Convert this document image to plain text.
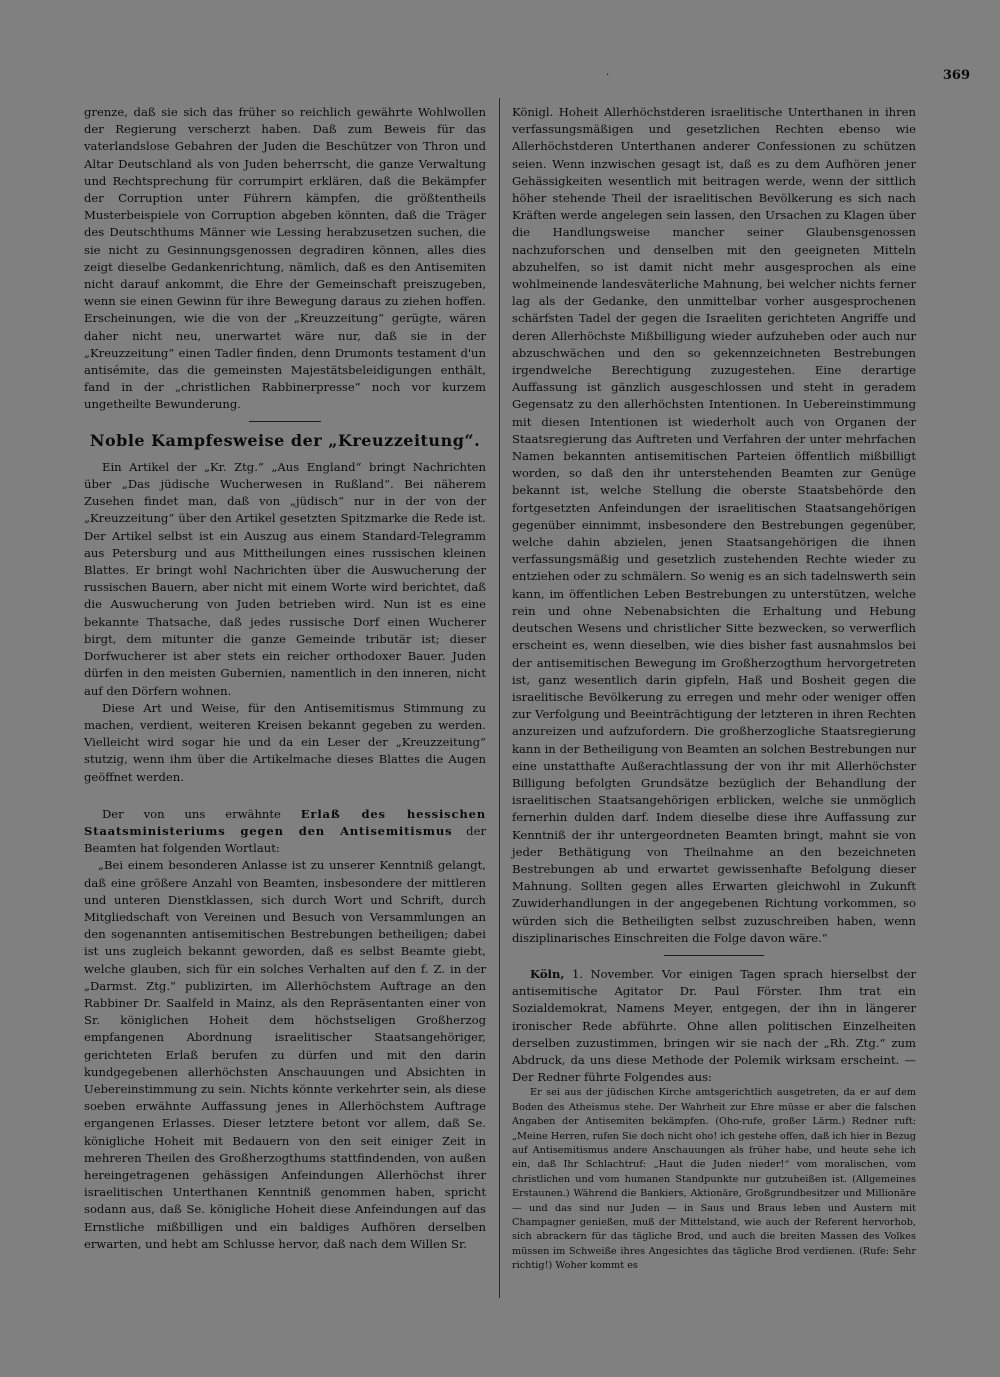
·	369

grenze, daß sie sich das früher so reichlich gewährte Wohlwollen der Regierung verscherzt haben. Daß zum Beweis für das vaterlandslose Gebahren der Juden die Beschützer von Thron und Altar Deutschland als von Juden beherrscht, die ganze Verwaltung und Rechtsprechung für corrumpirt erklären, daß die Bekämpfer der Corruption unter Führern kämpfen, die größtentheils Musterbeispiele von Corruption abgeben könnten, daß die Träger des Deutschthums Männer wie Lessing herabzusetzen suchen, die sie nicht zu Gesinnungsgenossen degradiren können, alles dies zeigt dieselbe Gedankenrichtung, nämlich, daß es den Antisemiten nicht darauf ankommt, die Ehre der Gemeinschaft preiszugeben, wenn sie einen Gewinn für ihre Bewegung daraus zu ziehen hoffen. Erscheinungen, wie die von der „Kreuzzeitung“ gerügte, wären daher nicht neu, unerwartet wäre nur, daß sie in der „Kreuzzeitung“ einen Tadler finden, denn Drumonts testament d'un antisémite, das die gemeinsten Majestätsbeleidigungen enthält, fand in der „christlichen Rabbinerpresse“ noch vor kurzem ungetheilte Bewunderung.

Noble Kampfesweise der „Kreuzzeitung“.

Ein Artikel der „Kr. Ztg.“ „Aus England“ bringt Nachrichten über „Das jüdische Wucherwesen in Rußland“. Bei näherem Zusehen findet man, daß von „jüdisch“ nur in der von der „Kreuzzeitung“ über den Artikel gesetzten Spitzmarke die Rede ist. Der Artikel selbst ist ein Auszug aus einem Standard-Telegramm aus Petersburg und aus Mittheilungen eines russischen kleinen Blattes. Er bringt wohl Nachrichten über die Auswucherung der russischen Bauern, aber nicht mit einem Worte wird berichtet, daß die Auswucherung von Juden betrieben wird. Nun ist es eine bekannte Thatsache, daß jedes russische Dorf einen Wucherer birgt, dem mitunter die ganze Gemeinde tributär ist; dieser Dorfwucherer ist aber stets ein reicher orthodoxer Bauer. Juden dürfen in den meisten Gubernien, namentlich in den inneren, nicht auf den Dörfern wohnen.

Diese Art und Weise, für den Antisemitismus Stimmung zu machen, verdient, weiteren Kreisen bekannt gegeben zu werden. Vielleicht wird sogar hie und da ein Leser der „Kreuzzeitung“ stutzig, wenn ihm über die Artikelmache dieses Blattes die Augen geöffnet werden.

Der von uns erwähnte Erlaß des hessischen Staatsministeriums gegen den Antisemitismus der Beamten hat folgenden Wortlaut:

„Bei einem besonderen Anlasse ist zu unserer Kenntniß gelangt, daß eine größere Anzahl von Beamten, insbesondere der mittleren und unteren Dienstklassen, sich durch Wort und Schrift, durch Mitgliedschaft von Vereinen und Besuch von Versammlungen an den sogenannten antisemitischen Bestrebungen betheiligen; dabei ist uns zugleich bekannt geworden, daß es selbst Beamte giebt, welche glauben, sich für ein solches Verhalten auf den f. Z. in der „Darmst. Ztg.“ publizirten, im Allerhöchstem Auftrage an den Rabbiner Dr. Saalfeld in Mainz, als den Repräsentanten einer von Sr. königlichen Hoheit dem höchstseligen Großherzog empfangenen Abordnung israelitischer Staatsangehöriger, gerichteten Erlaß berufen zu dürfen und mit den darin kundgegebenen allerhöchsten Anschauungen und Absichten in Uebereinstimmung zu sein. Nichts könnte verkehrter sein, als diese soeben erwähnte Auffassung jenes in Allerhöchstem Auftrage ergangenen Erlasses. Dieser letztere betont vor allem, daß Se. königliche Hoheit mit Bedauern von den seit einiger Zeit in mehreren Theilen des Großherzogthums stattfindenden, von außen hereingetragenen gehässigen Anfeindungen Allerhöchst ihrer israelitischen Unterthanen Kenntniß genommen haben, spricht sodann aus, daß Se. königliche Hoheit diese Anfeindungen auf das Ernstliche mißbilligen und ein baldiges Aufhören derselben erwarten, und hebt am Schlusse hervor, daß nach dem Willen Sr.

Königl. Hoheit Allerhöchstderen israelitische Unterthanen in ihren verfassungsmäßigen und gesetzlichen Rechten ebenso wie Allerhöchstderen Unterthanen anderer Confessionen zu schützen seien. Wenn inzwischen gesagt ist, daß es zu dem Aufhören jener Gehässigkeiten wesentlich mit beitragen werde, wenn der sittlich höher stehende Theil der israelitischen Bevölkerung es sich nach Kräften werde angelegen sein lassen, den Ursachen zu Klagen über die Handlungsweise mancher seiner Glaubensgenossen nachzuforschen und denselben mit den geeigneten Mitteln abzuhelfen, so ist damit nicht mehr ausgesprochen als eine wohlmeinende landesväterliche Mahnung, bei welcher nichts ferner lag als der Gedanke, den unmittelbar vorher ausgesprochenen schärfsten Tadel der gegen die Israeliten gerichteten Angriffe und deren Allerhöchste Mißbilligung wieder aufzuheben oder auch nur abzuschwächen und den so gekennzeichneten Bestrebungen irgendwelche Berechtigung zuzugestehen. Eine derartige Auffassung ist gänzlich ausgeschlossen und steht in geradem Gegensatz zu den allerhöchsten Intentionen. In Uebereinstimmung mit diesen Intentionen ist wiederholt auch von Organen der Staatsregierung das Auftreten und Verfahren der unter mehrfachen Namen bekannten antisemitischen Parteien öffentlich mißbilligt worden, so daß den ihr unterstehenden Beamten zur Genüge bekannt ist, welche Stellung die oberste Staatsbehörde den fortgesetzten Anfeindungen der israelitischen Staatsangehörigen gegenüber einnimmt, insbesondere den Bestrebungen gegenüber, welche dahin abzielen, jenen Staatsangehörigen die ihnen verfassungsmäßig und gesetzlich zustehenden Rechte wieder zu entziehen oder zu schmälern. So wenig es an sich tadelnswerth sein kann, im öffentlichen Leben Bestrebungen zu unterstützen, welche rein und ohne Nebenabsichten die Erhaltung und Hebung deutschen Wesens und christlicher Sitte bezwecken, so verwerflich erscheint es, wenn dieselben, wie dies bisher fast ausnahmslos bei der antisemitischen Bewegung im Großherzogthum hervorgetreten ist, ganz wesentlich darin gipfeln, Haß und Bosheit gegen die israelitische Bevölkerung zu erregen und mehr oder weniger offen zur Verfolgung und Beeinträchtigung der letzteren in ihren Rechten anzureizen und aufzufordern. Die großherzogliche Staatsregierung kann in der Betheiligung von Beamten an solchen Bestrebungen nur eine unstatthafte Außerachtlassung der von ihr mit Allerhöchster Billigung befolgten Grundsätze bezüglich der Behandlung der israelitischen Staatsangehörigen erblicken, welche sie unmöglich fernerhin dulden darf. Indem dieselbe diese ihre Auffassung zur Kenntniß der ihr untergeordneten Beamten bringt, mahnt sie von jeder Bethätigung von Theilnahme an den bezeichneten Bestrebungen ab und erwartet gewissenhafte Befolgung dieser Mahnung. Sollten gegen alles Erwarten gleichwohl in Zukunft Zuwiderhandlungen in der angegebenen Richtung vorkommen, so würden sich die Betheiligten selbst zuzuschreiben haben, wenn disziplinarisches Einschreiten die Folge davon wäre.“

Köln, 1. November. Vor einigen Tagen sprach hierselbst der antisemitische Agitator Dr. Paul Förster. Ihm trat ein Sozialdemokrat, Namens Meyer, entgegen, der ihn in längerer ironischer Rede abführte. Ohne allen politischen Einzelheiten derselben zuzustimmen, bringen wir sie nach der „Rh. Ztg.“ zum Abdruck, da uns diese Methode der Polemik wirksam erscheint. — Der Redner führte Folgendes aus:

Er sei aus der jüdischen Kirche amtsgerichtlich ausgetreten, da er auf dem Boden des Atheismus stehe. Der Wahrheit zur Ehre müsse er aber die falschen Angaben der Antisemiten bekämpfen. (Oho-rufe, großer Lärm.) Redner ruft: „Meine Herren, rufen Sie doch nicht oho! ich gestehe offen, daß ich hier in Bezug auf Antisemitismus andere Anschauungen als früher habe, und heute sehe ich ein, daß Ihr Schlachtruf: „Haut die Juden nieder!“ vom moralischen, vom christlichen und vom humanen Standpunkte nur gutzuheißen ist. (Allgemeines Erstaunen.) Während die Bankiers, Aktionäre, Großgrundbesitzer und Millionäre — und das sind nur Juden — in Saus und Braus leben und Austern mit Champagner genießen, muß der Mittelstand, wie auch der Referent hervorhob, sich abrackern für das tägliche Brod, und auch die breiten Massen des Volkes müssen im Schweiße ihres Angesichtes das tägliche Brod verdienen. (Rufe: Sehr richtig!) Woher kommt es
